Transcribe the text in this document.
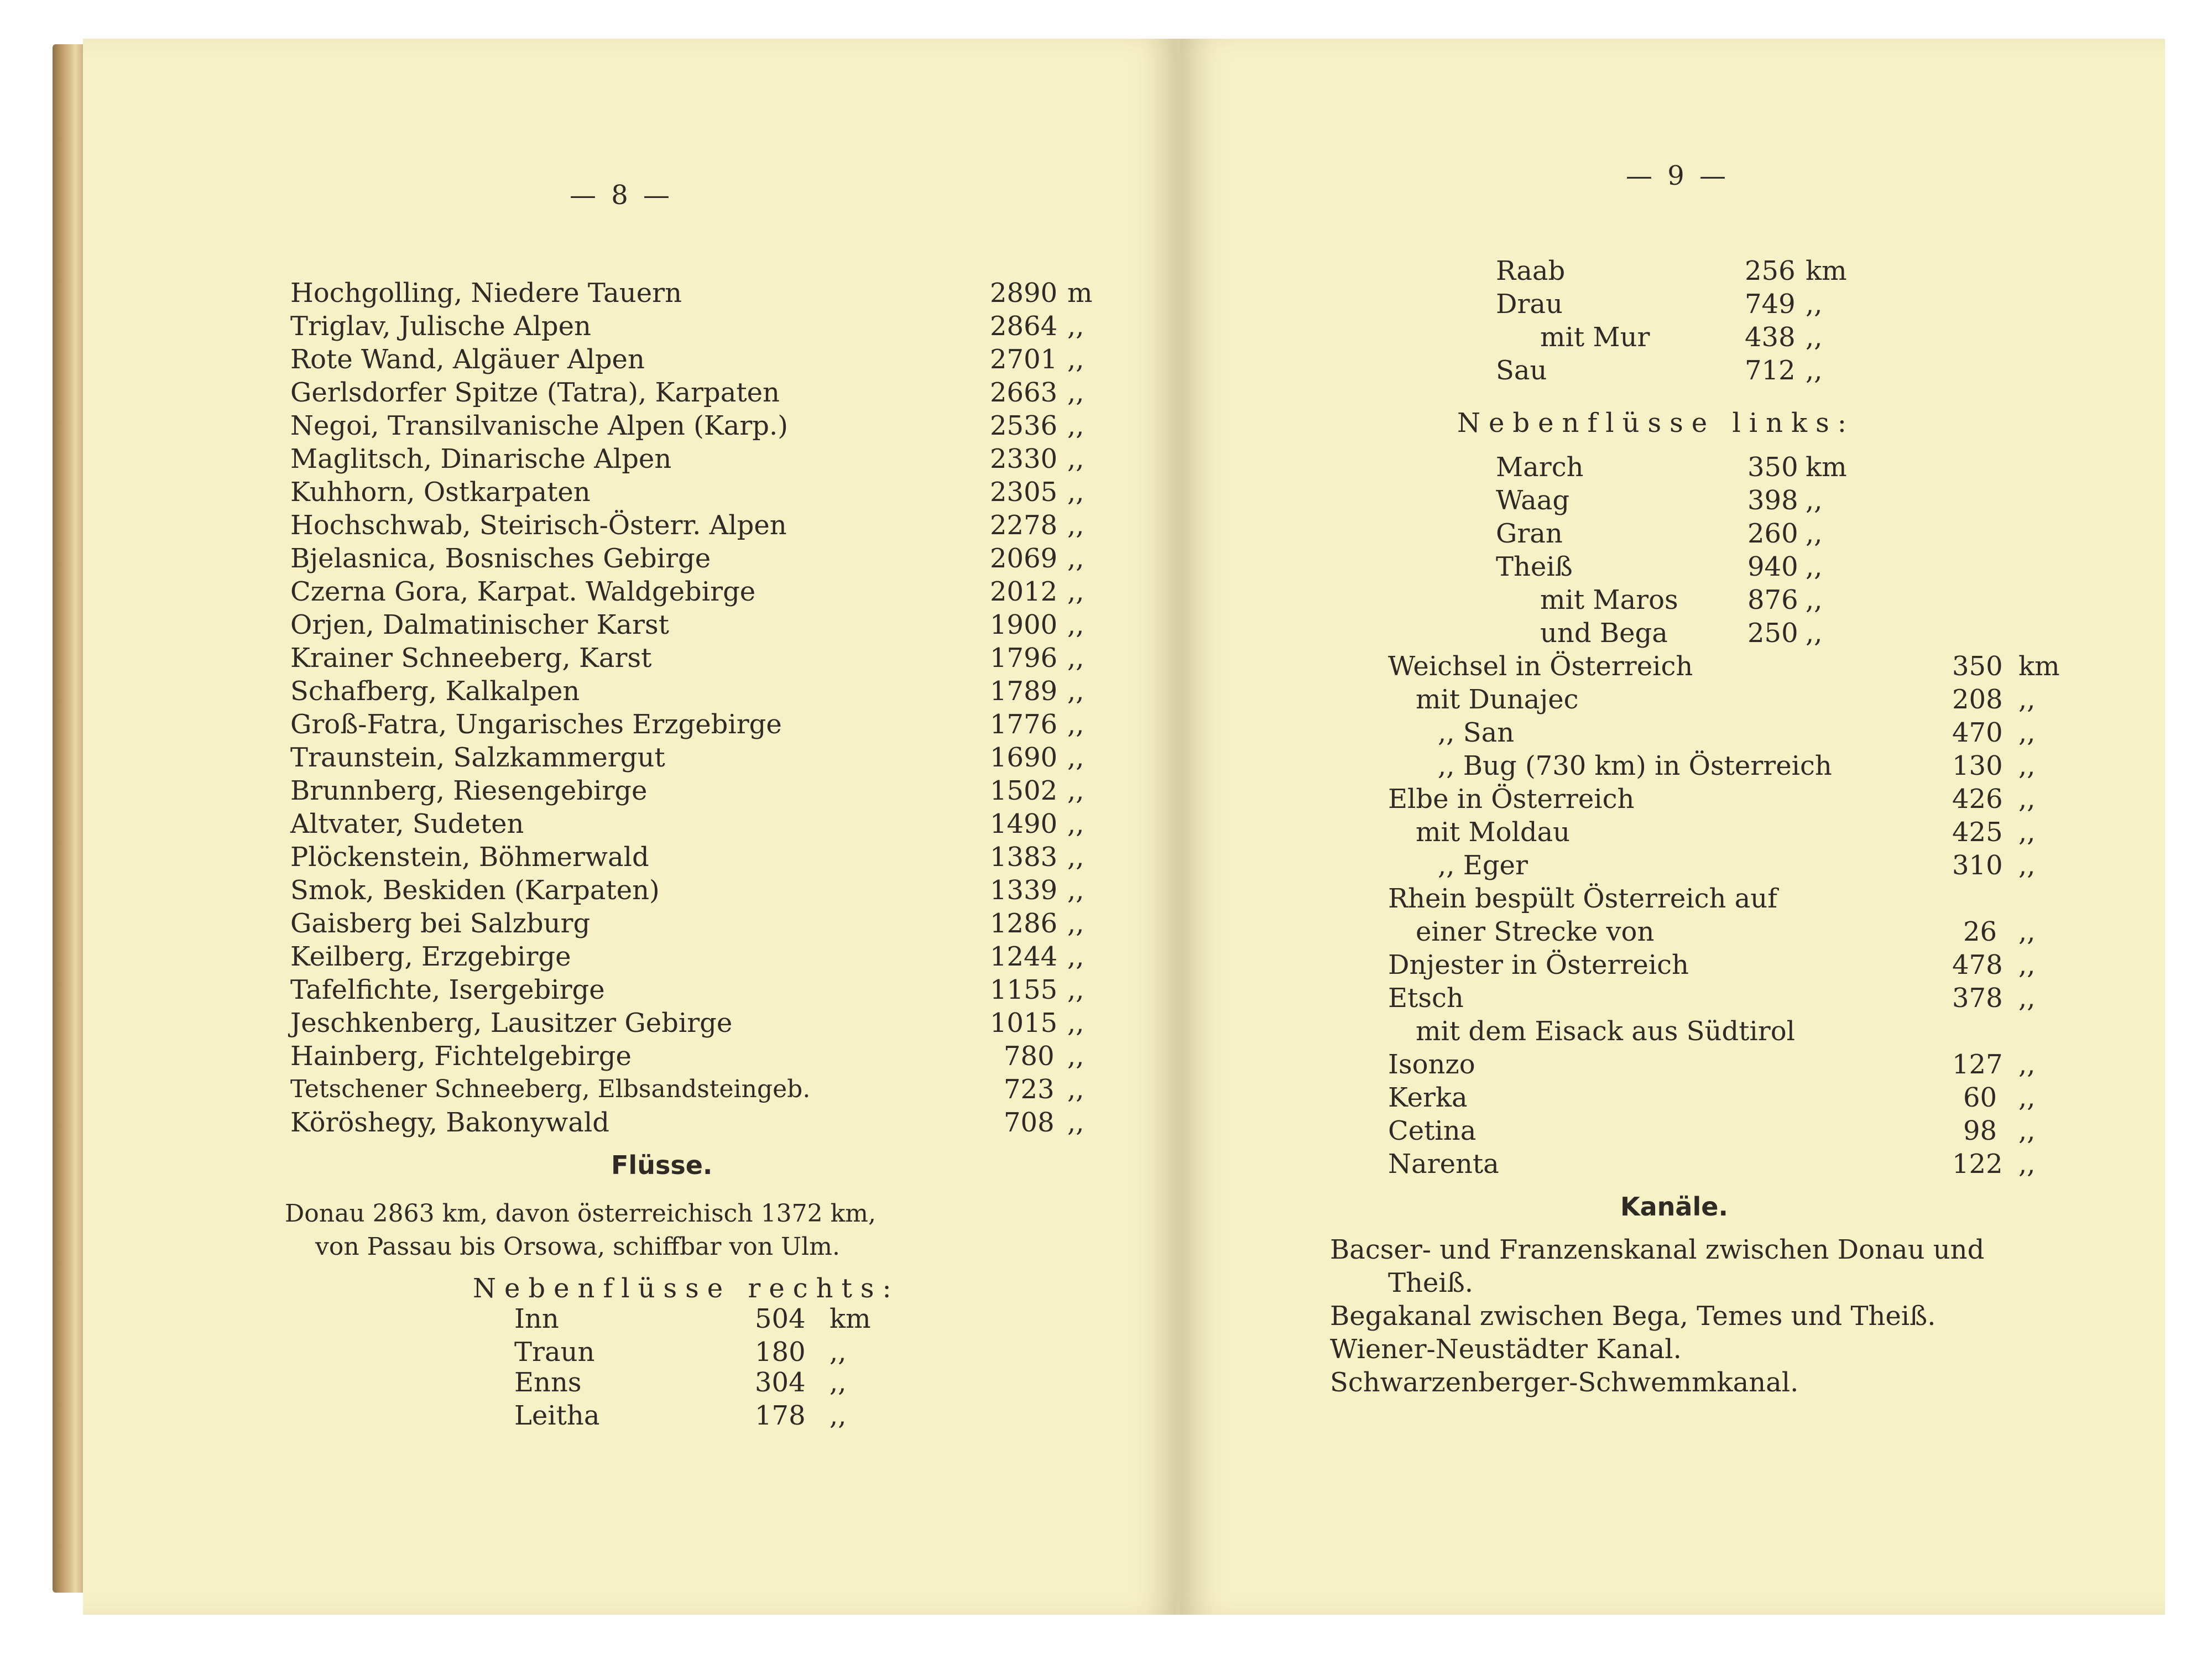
— 8 —
Hochgolling, Niedere Tauern	2890 m
Triglav, Julische Alpen	2864 ,,
Rote Wand, Algäuer Alpen	2701 ,,
Gerlsdorfer Spitze (Tatra), Karpaten	2663 ,,
Negoi, Transilvanische Alpen (Karp.)	2536 ,,
Maglitsch, Dinarische Alpen	2330 ,,
Kuhhorn, Ostkarpaten	2305 ,,
Hochschwab, Steirisch-Österr. Alpen	2278 ,,
Bjelasnica, Bosnisches Gebirge	2069 ,,
Czerna Gora, Karpat. Waldgebirge	2012 ,,
Orjen, Dalmatinischer Karst	1900 ,,
Krainer Schneeberg, Karst	1796 ,,
Schafberg, Kalkalpen	1789 ,,
Groß-Fatra, Ungarisches Erzgebirge	1776 ,,
Traunstein, Salzkammergut	1690 ,,
Brunnberg, Riesengebirge	1502 ,,
Altvater, Sudeten	1490 ,,
Plöckenstein, Böhmerwald	1383 ,,
Smok, Beskiden (Karpaten)	1339 ,,
Gaisberg bei Salzburg	1286 ,,
Keilberg, Erzgebirge	1244 ,,
Tafelfichte, Isergebirge	1155 ,,
Jeschkenberg, Lausitzer Gebirge	1015 ,,
Hainberg, Fichtelgebirge	780 ,,
Tetschener Schneeberg, Elbsandsteingeb.	723 ,,
Köröshegy, Bakonywald	708 ,,
Flüsse.
Donau 2863 km, davon österreichisch 1372 km,
von Passau bis Orsowa, schiffbar von Ulm.
Nebenflüsse rechts:
Inn	504 km
Traun	180 ,,
Enns	304 ,,
Leitha	178 ,,
— 9 —
Raab	256 km
Drau	749 ,,
mit Mur	438 ,,
Sau	712 ,,
Nebenflüsse links:
March	350 km
Waag	398 ,,
Gran	260 ,,
Theiß	940 ,,
mit Maros	876 ,,
und Bega	250 ,,
Weichsel in Österreich	350 km
mit Dunajec	208 ,,
,, San	470 ,,
,, Bug (730 km) in Österreich	130 ,,
Elbe in Österreich	426 ,,
mit Moldau	425 ,,
,, Eger	310 ,,
Rhein bespült Österreich auf
einer Strecke von	26 ,,
Dnjester in Österreich	478 ,,
Etsch	378 ,,
mit dem Eisack aus Südtirol
Isonzo	127 ,,
Kerka	60 ,,
Cetina	98 ,,
Narenta	122 ,,
Kanäle.
Bacser- und Franzenskanal zwischen Donau und
Theiß.
Begakanal zwischen Bega, Temes und Theiß.
Wiener-Neustädter Kanal.
Schwarzenberger-Schwemmkanal.
